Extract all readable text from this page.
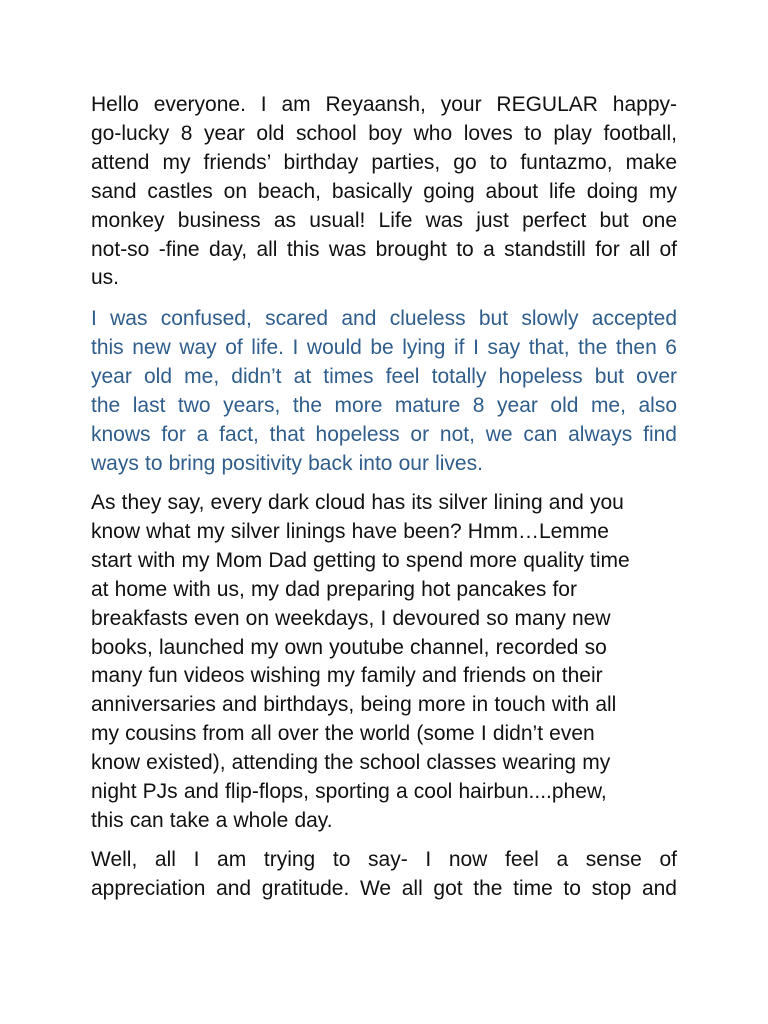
Hello everyone. I am Reyaansh, your REGULAR happy-
go-lucky 8 year old school boy who loves to play football,
attend my friends’ birthday parties, go to funtazmo, make
sand castles on beach, basically going about life doing my
monkey business as usual! Life was just perfect but one
not-so -fine day, all this was brought to a standstill for all of
us.
I was confused, scared and clueless but slowly accepted
this new way of life. I would be lying if I say that, the then 6
year old me, didn’t at times feel totally hopeless but over
the last two years, the more mature 8 year old me, also
knows for a fact, that hopeless or not, we can always find
ways to bring positivity back into our lives.
As they say, every dark cloud has its silver lining and you
know what my silver linings have been? Hmm…Lemme
start with my Mom Dad getting to spend more quality time
at home with us, my dad preparing hot pancakes for
breakfasts even on weekdays, I devoured so many new
books, launched my own youtube channel, recorded so
many fun videos wishing my family and friends on their
anniversaries and birthdays, being more in touch with all
my cousins from all over the world (some I didn’t even
know existed), attending the school classes wearing my
night PJs and flip-flops, sporting a cool hairbun....phew,
this can take a whole day.
Well, all I am trying to say- I now feel a sense of
appreciation and gratitude. We all got the time to stop and
